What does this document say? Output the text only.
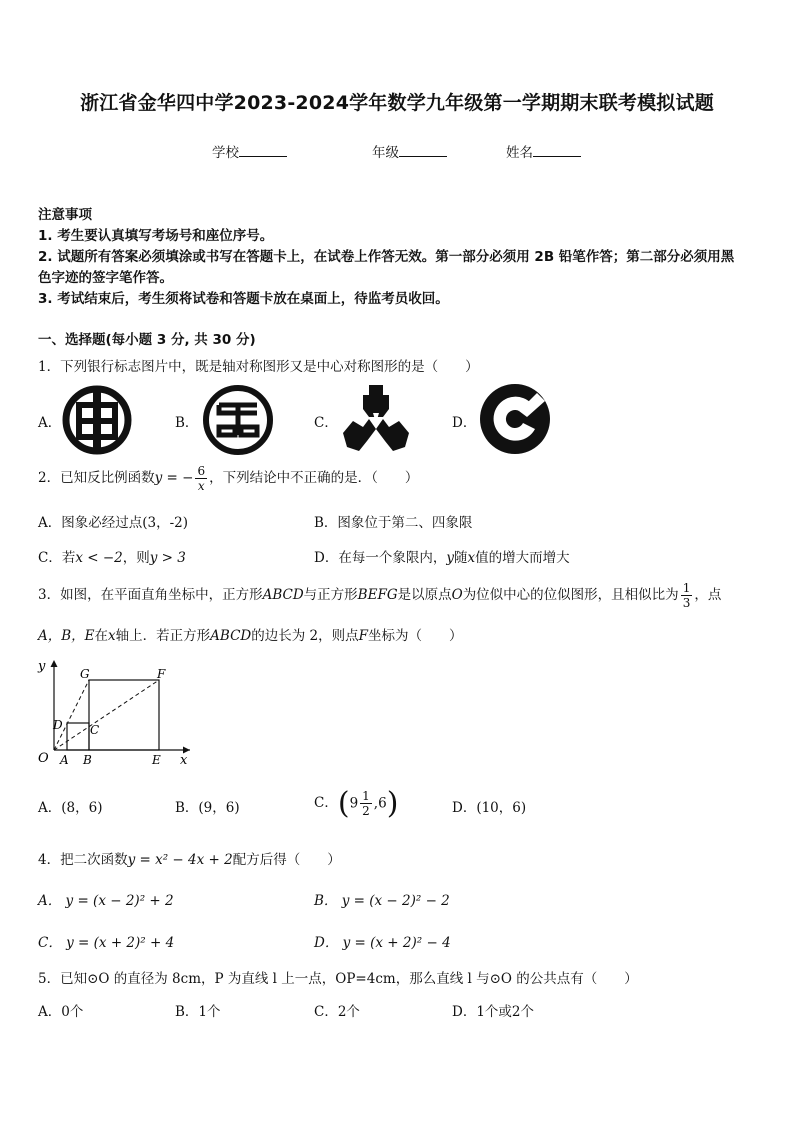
浙江省金华四中学2023-2024学年数学九年级第一学期期末联考模拟试题
学校	年级	姓名
注意事项
1. 考生要认真填写考场号和座位序号。
2. 试题所有答案必须填涂或书写在答题卡上，在试卷上作答无效。第一部分必须用 2B 铅笔作答；第二部分必须用黑
色字迹的签字笔作答。
3. 考试结束后，考生须将试卷和答题卡放在桌面上，待监考员收回。
一、选择题(每小题 3 分, 共 30 分)
1．下列银行标志图片中，既是轴对称图形又是中心对称图形的是（　　）
A．	B．	C．	D．
2．已知反比例函数y = − $\frac{6}{x}$ ，下列结论中不正确的是．（　　）
A．图象必经过点(3，-2)	B．图象位于第二、四象限
C．若x < −2，则y > 3	D．在每一个象限内，y随x值的增大而增大
3．如图，在平面直角坐标中，正方形ABCD与正方形BEFG是以原点O为位似中心的位似图形，且相似比为 $\frac{1}{3}$ ，点
A，B，E在x轴上．若正方形ABCD的边长为 2，则点F坐标为（　　）
y
x
O A B	E
D C
G	F
A．(8，6)	B．(9，6)	C．$(9 \frac{1}{2} ,6)$	D．(10，6)
4．把二次函数y = x² − 4x + 2配方后得（　　）
A． y = (x − 2)² + 2	B． y = (x − 2)² − 2
C． y = (x + 2)² + 4	D． y = (x + 2)² − 4
5．已知⊙O 的直径为 8cm，P 为直线 l 上一点，OP=4cm，那么直线 l 与⊙O 的公共点有（　　）
A．0个	B．1个	C．2个	D．1个或2个
